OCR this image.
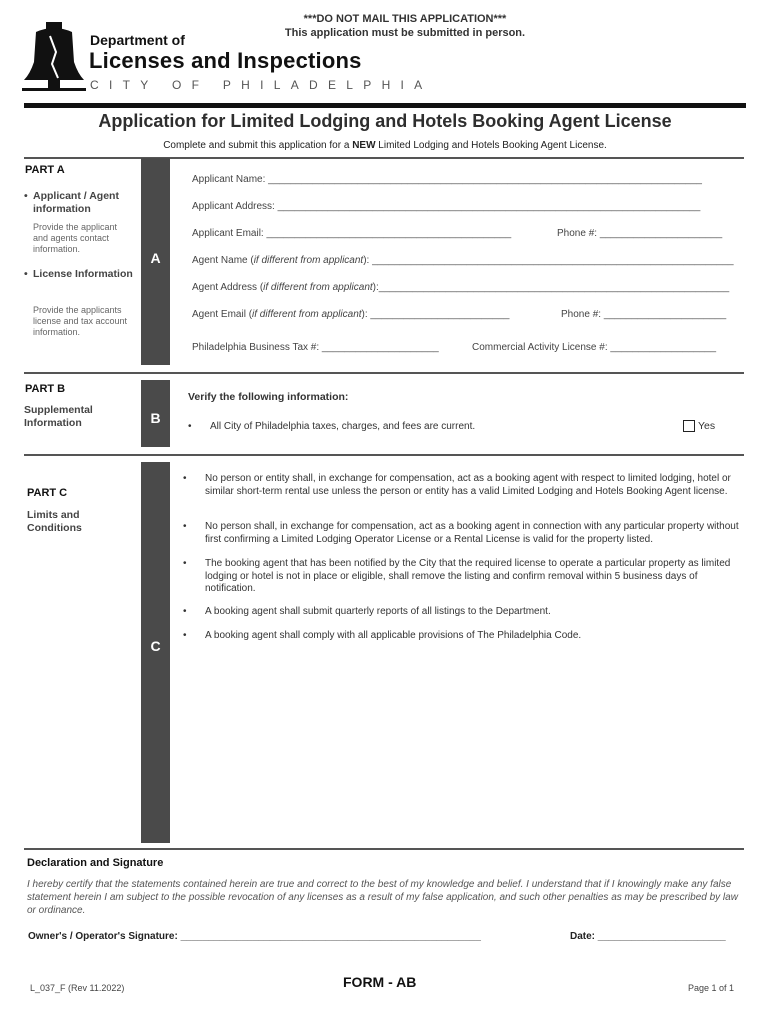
***DO NOT MAIL THIS APPLICATION***
This application must be submitted in person.
Department of
Licenses and Inspections
CITY OF PHILADELPHIA
Application for Limited Lodging and Hotels Booking Agent License
Complete and submit this application for a NEW Limited Lodging and Hotels Booking Agent License.
PART A
• Applicant / Agent information
Provide the applicant and agents contact information.
• License Information
Provide the applicants license and tax account information.
A
Applicant Name: ______________________________________________________________________________
Applicant Address: ____________________________________________________________________________
Applicant Email: ____________________________________________	Phone #: ______________________
Agent Name (if different from applicant): _________________________________________________________________
Agent Address (if different from applicant):_______________________________________________________________
Agent Email (if different from applicant): _________________________	Phone #: ______________________
Philadelphia Business Tax #: _____________________	Commercial Activity License #: ___________________
PART B
Supplemental Information	B
Verify the following information:
• All City of Philadelphia taxes, charges, and fees are current.	Yes
PART C
Limits and Conditions
C
• No person or entity shall, in exchange for compensation, act as a booking agent with respect to limited lodging, hotel or similar short-term rental use unless the person or entity has a valid Limited Lodging and Hotels Booking Agent license.
• No person shall, in exchange for compensation, act as a booking agent in connection with any particular property without first confirming a Limited Lodging Operator License or a Rental License is valid for the property listed.
• The booking agent that has been notified by the City that the required license to operate a particular property as limited lodging or hotel is not in place or eligible, shall remove the listing and confirm removal within 5 business days of notification.
• A booking agent shall submit quarterly reports of all listings to the Department.
• A booking agent shall comply with all applicable provisions of The Philadelphia Code.
Declaration and Signature
I hereby certify that the statements contained herein are true and correct to the best of my knowledge and belief. I understand that if I knowingly make any false statement herein I am subject to the possible revocation of any licenses as a result of my false application, and such other penalties as may be prescribed by law or ordinance.
Owner's / Operator's Signature: ______________________________________________________	Date: _______________________
L_037_F (Rev 11.2022)	FORM - AB	Page 1 of 1
